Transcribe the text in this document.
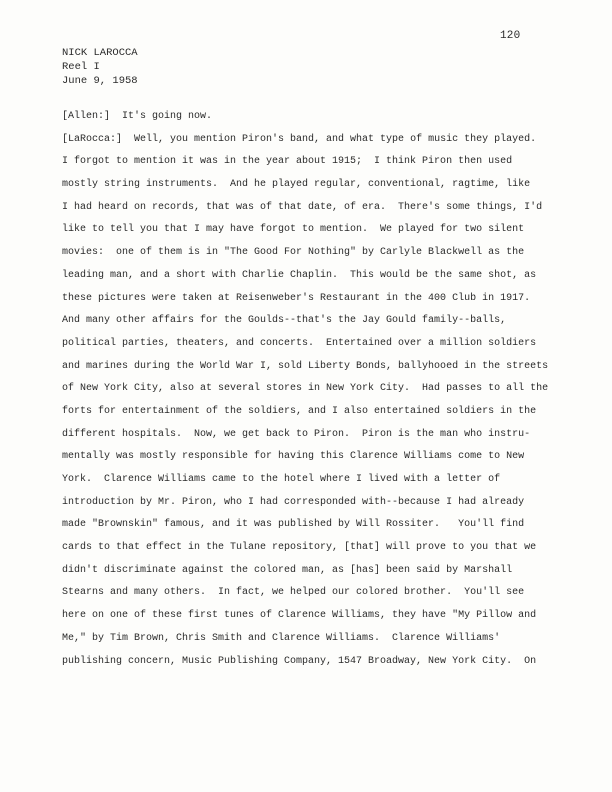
120
NICK LAROCCA
Reel I
June 9, 1958
[Allen:]  It's going now.
[LaRocca:]  Well, you mention Piron's band, and what type of music they played.
I forgot to mention it was in the year about 1915;  I think Piron then used
mostly string instruments.  And he played regular, conventional, ragtime, like
I had heard on records, that was of that date, of era.  There's some things, I'd
like to tell you that I may have forgot to mention.  We played for two silent
movies:  one of them is in "The Good For Nothing" by Carlyle Blackwell as the
leading man, and a short with Charlie Chaplin.  This would be the same shot, as
these pictures were taken at Reisenweber's Restaurant in the 400 Club in 1917.
And many other affairs for the Goulds--that's the Jay Gould family--balls,
political parties, theaters, and concerts.  Entertained over a million soldiers
and marines during the World War I, sold Liberty Bonds, ballyhooed in the streets
of New York City, also at several stores in New York City.  Had passes to all the
forts for entertainment of the soldiers, and I also entertained soldiers in the
different hospitals.  Now, we get back to Piron.  Piron is the man who instru-
mentally was mostly responsible for having this Clarence Williams come to New
York.  Clarence Williams came to the hotel where I lived with a letter of
introduction by Mr. Piron, who I had corresponded with--because I had already
made "Brownskin" famous, and it was published by Will Rossiter.   You'll find
cards to that effect in the Tulane repository, [that] will prove to you that we
didn't discriminate against the colored man, as [has] been said by Marshall
Stearns and many others.  In fact, we helped our colored brother.  You'll see
here on one of these first tunes of Clarence Williams, they have "My Pillow and
Me," by Tim Brown, Chris Smith and Clarence Williams.  Clarence Williams'
publishing concern, Music Publishing Company, 1547 Broadway, New York City.  On
